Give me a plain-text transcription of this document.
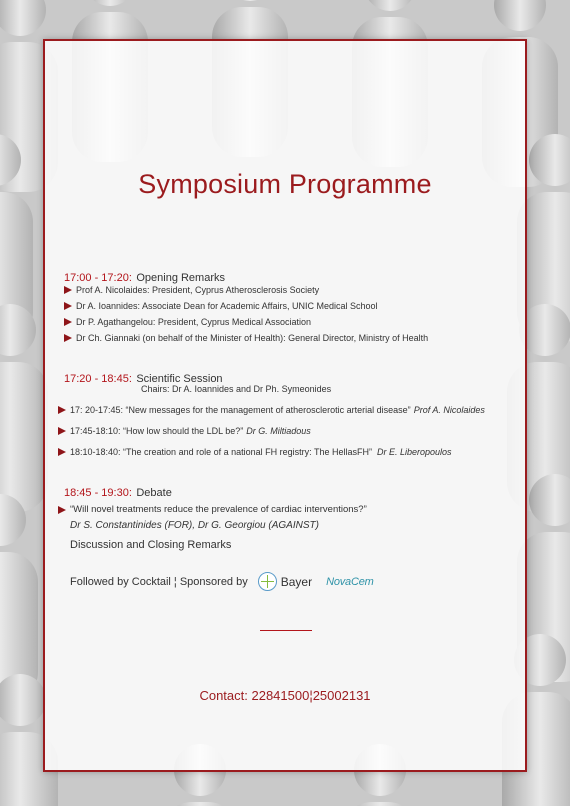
Symposium Programme
17:00 - 17:20: Opening Remarks
Prof A. Nicolaides: President, Cyprus Atherosclerosis Society
Dr A. Ioannides: Associate Dean for Academic Affairs, UNIC Medical School
Dr P. Agathangelou: President, Cyprus Medical Association
Dr Ch. Giannaki (on behalf of the Minister of Health): General Director, Ministry of Health
17:20 - 18:45: Scientific Session
Chairs: Dr A. Ioannides and Dr Ph. Symeonides
17: 20-17:45: “New messages for the management of atherosclerotic arterial disease” Prof A. Nicolaides
17:45-18:10: “How low should the LDL be?” Dr G. Miltiadous
18:10-18:40: “The creation and role of a national FH registry: The HellasFH” Dr E. Liberopoulos
18:45 - 19:30: Debate
“Will novel treatments reduce the prevalence of cardiac interventions?”
Dr S. Constantinides (FOR), Dr G. Georgiou (AGAINST)
Discussion and Closing Remarks
Followed by Cocktail ¦ Sponsored by	Bayer NovaCem
Contact: 22841500¦25002131
